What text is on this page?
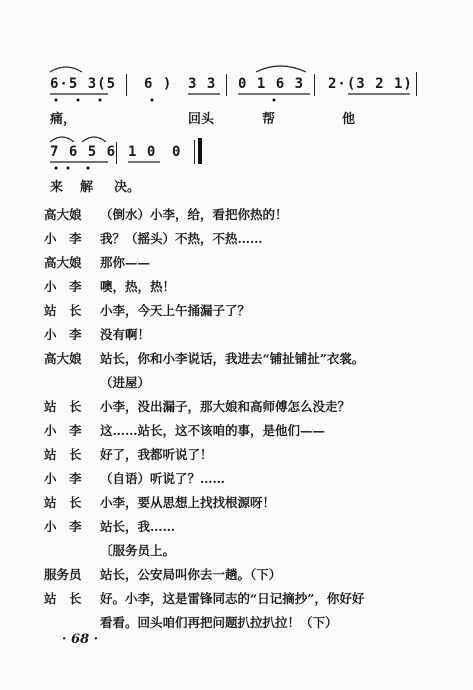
6·5 3(5 6 ) 3 3 0 1 6 3 2·(3 2 1)
痛，	回头	帮	他
7 6 5 6 1 0 0
来 解 决。
高大娘 （倒水）小李，给，看把你热的！
小　李 我？（摇头）不热，不热……
高大娘 那你——
小　李 噢，热，热！
站　长 小李，今天上午捅漏子了？
小　李 没有啊！
高大娘 站长，你和小李说话，我进去“铺扯铺扯”衣裳。
（进屋）
站　长 小李，没出漏子，那大娘和高师傅怎么没走？
小　李 这……站长，这不该咱的事，是他们——
站　长 好了，我都听说了！
小　李 （自语）听说了？……
站　长 小李，要从思想上找找根源呀！
小　李 站长，我……
〔服务员上。
服务员 站长，公安局叫你去一趟。（下）
站　长 好。小李，这是雷锋同志的“日记摘抄”，你好好
看看。回头咱们再把问题扒拉扒拉！（下）
· 68 ·
